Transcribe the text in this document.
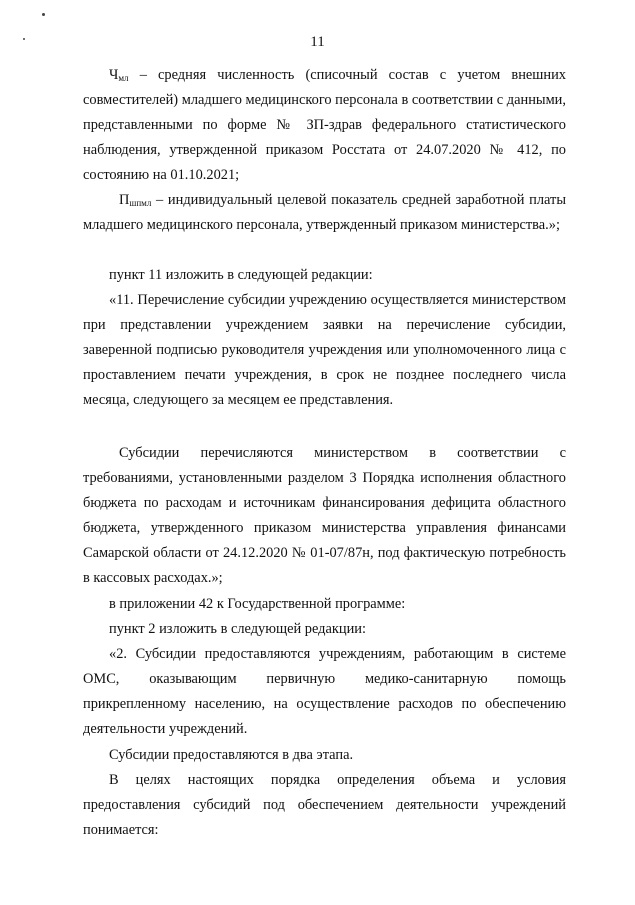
11

$Ч_{мл}$ – средняя численность (списочный состав с учетом внешних совместителей) младшего медицинского персонала в соответствии с данными, представленными по форме № ЗП-здрав федерального статистического наблюдения, утвержденной приказом Росстата от 24.07.2020 № 412, по состоянию на 01.10.2021;

$П_{шпмл}$ – индивидуальный целевой показатель средней заработной платы младшего медицинского персонала, утвержденный приказом министерства.»;

пункт 11 изложить в следующей редакции:

«11. Перечисление субсидии учреждению осуществляется министерством при представлении учреждением заявки на перечисление субсидии, заверенной подписью руководителя учреждения или уполномоченного лица с проставлением печати учреждения, в срок не позднее последнего числа месяца, следующего за месяцем ее представления.

Субсидии перечисляются министерством в соответствии с требованиями, установленными разделом 3 Порядка исполнения областного бюджета по расходам и источникам финансирования дефицита областного бюджета, утвержденного приказом министерства управления финансами Самарской области от 24.12.2020 № 01-07/87н, под фактическую потребность в кассовых расходах.»;

в приложении 42 к Государственной программе:

пункт 2 изложить в следующей редакции:

«2. Субсидии предоставляются учреждениям, работающим в системе ОМС, оказывающим первичную медико-санитарную помощь прикрепленному населению, на осуществление расходов по обеспечению деятельности учреждений.

Субсидии предоставляются в два этапа.

В целях настоящих порядка определения объема и условия предоставления субсидий под обеспечением деятельности учреждений понимается:
